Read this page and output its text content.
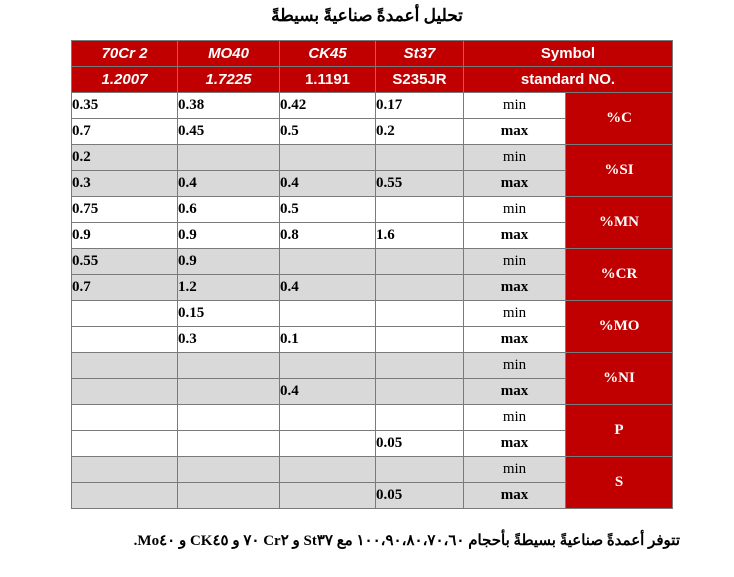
تحليل أعمدةً صناعيةً بسيطةً
70Cr 2	MO40	CK45	St37	Symbol	
1.2007	1.7225	1.1191	S235JR	standard NO.	
0.35	0.38	0.42	0.17	min	%C
0.7	0.45	0.5	0.2	max	
0.2				min	%SI
0.3	0.4	0.4	0.55	max	
0.75	0.6	0.5		min	%MN
0.9	0.9	0.8	1.6	max	
0.55	0.9			min	%CR
0.7	1.2	0.4		max	
	0.15			min	%MO
	0.3	0.1		max	
				min	%NI
		0.4		max	
				min	P
			0.05	max	
				min	S
			0.05	max	
تتوفر أعمدةً صناعيةً بسيطةً بأحجام ١٠٠،٩٠،٨٠،٧٠،٦٠ مع St٣٧ و Cr٢ ٧٠ و CK٤٥ و Mo٤٠.
